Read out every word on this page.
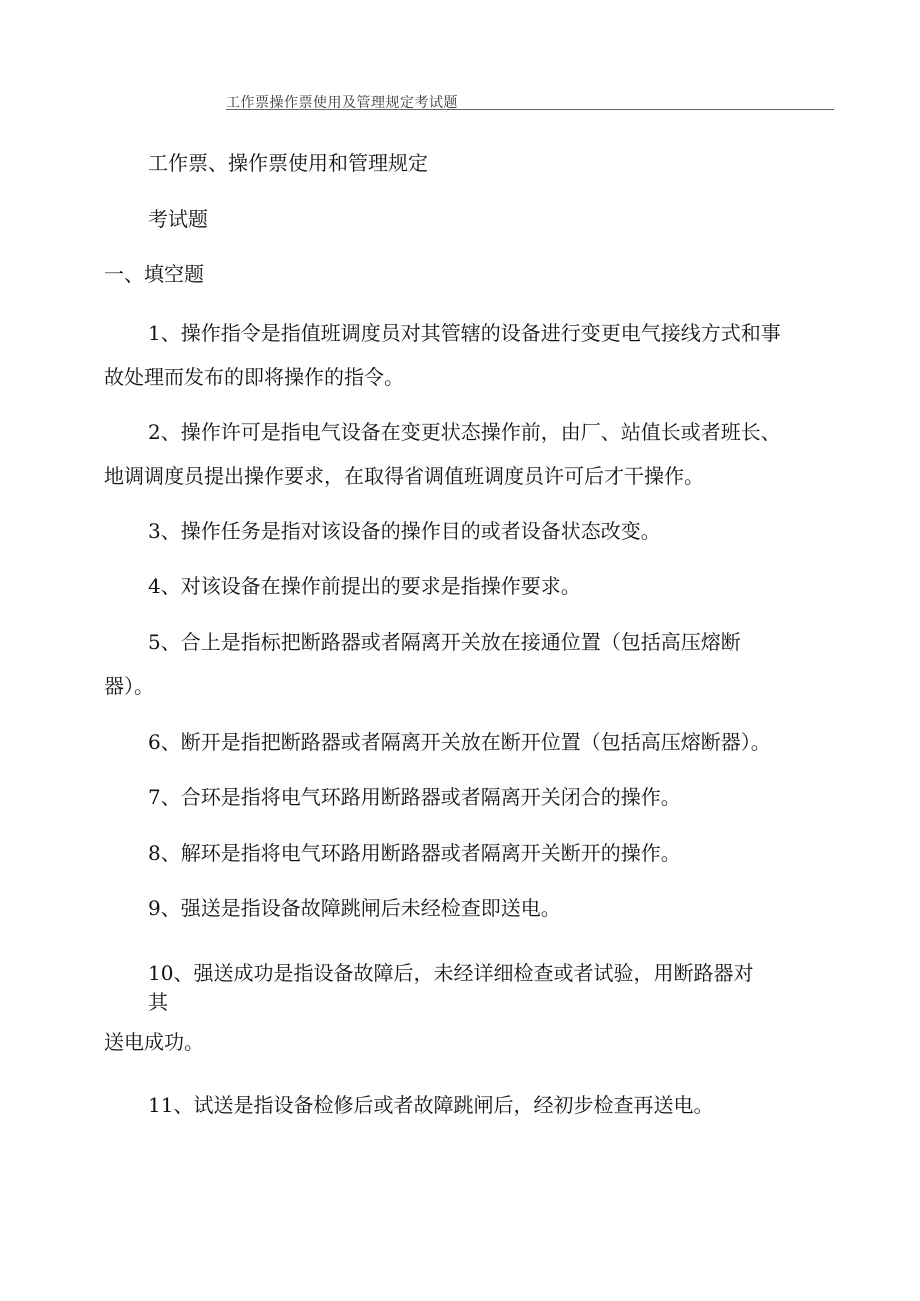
工作票操作票使用及管理规定考试题
工作票、操作票使用和管理规定
考试题
一、填空题
1、操作指令是指值班调度员对其管辖的设备进行变更电气接线方式和事
故处理而发布的即将操作的指令。
2、操作许可是指电气设备在变更状态操作前，由厂、站值长或者班长、
地调调度员提出操作要求，在取得省调值班调度员许可后才干操作。
3、操作任务是指对该设备的操作目的或者设备状态改变。
4、对该设备在操作前提出的要求是指操作要求。
5、合上是指标把断路器或者隔离开关放在接通位置（包括高压熔断
器）。
6、断开是指把断路器或者隔离开关放在断开位置（包括高压熔断器）。
7、合环是指将电气环路用断路器或者隔离开关闭合的操作。
8、解环是指将电气环路用断路器或者隔离开关断开的操作。
9、强送是指设备故障跳闸后未经检查即送电。
10、强送成功是指设备故障后，未经详细检查或者试验，用断路器对
其
送电成功。
11、试送是指设备检修后或者故障跳闸后，经初步检查再送电。
